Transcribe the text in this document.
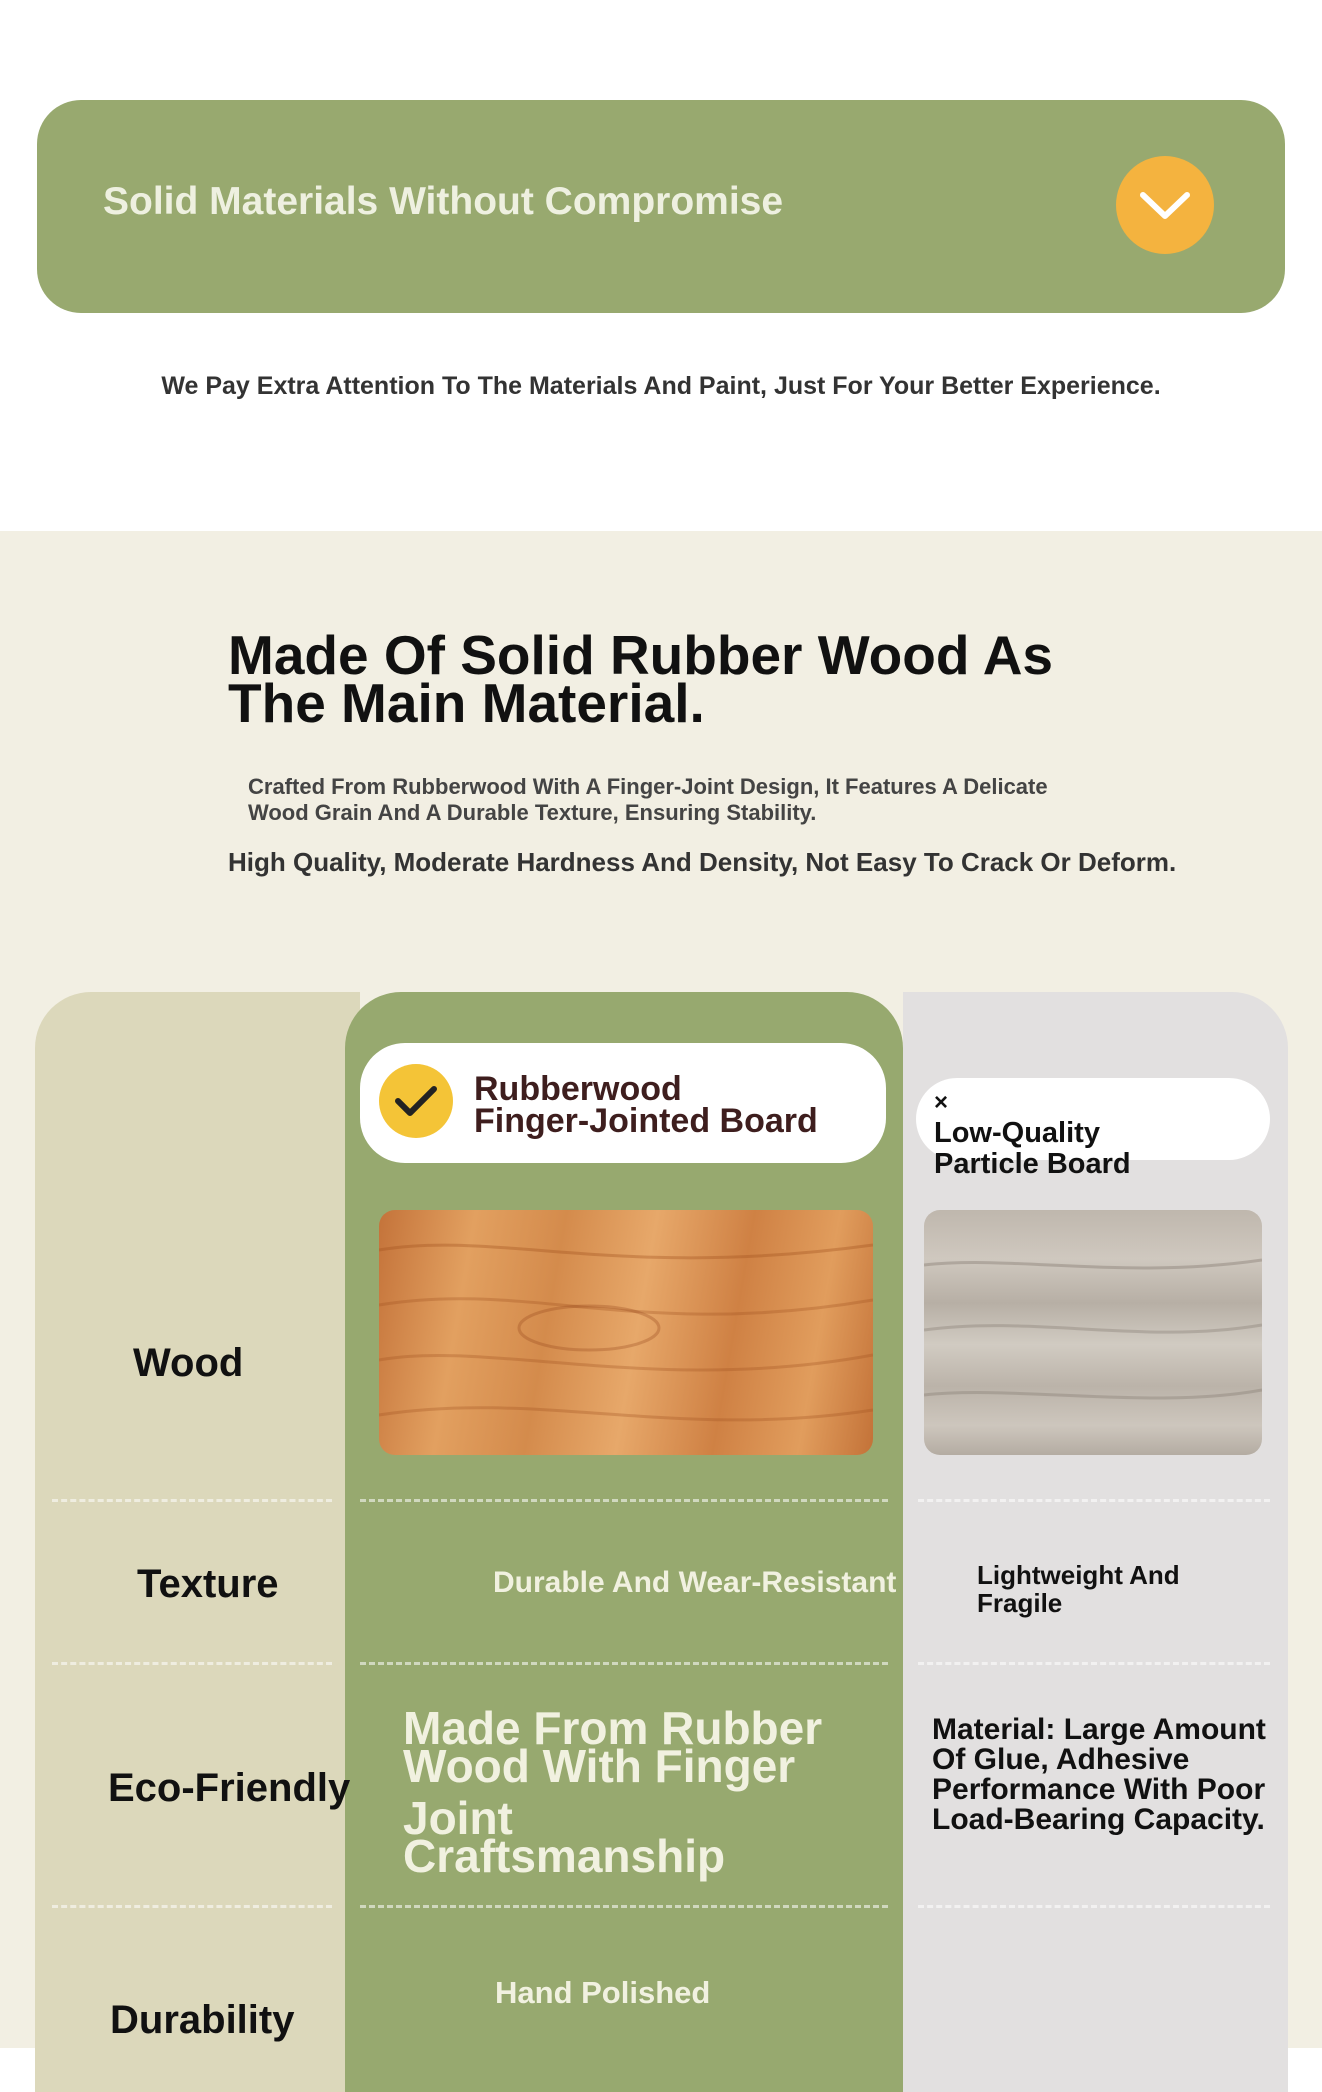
Solid Materials Without Compromise
We Pay Extra Attention To The Materials And Paint, Just For Your Better Experience.
Made Of Solid Rubber Wood As
The Main Material.
Crafted From Rubberwood With A Finger-Joint Design, It Features A Delicate
Wood Grain And A Durable Texture, Ensuring Stability.
High Quality, Moderate Hardness And Density, Not Easy To Crack Or Deform.
Rubberwood
Finger-Jointed Board	×
Low-Quality
Particle Board
Wood
Texture
Eco-Friendly
Durability
Durable And Wear-Resistant	Lightweight And
Fragile
Made From Rubber
Wood With Finger
Joint
Craftsmanship
Material: Large Amount
Of Glue, Adhesive
Performance With Poor
Load-Bearing Capacity.
Hand Polished
